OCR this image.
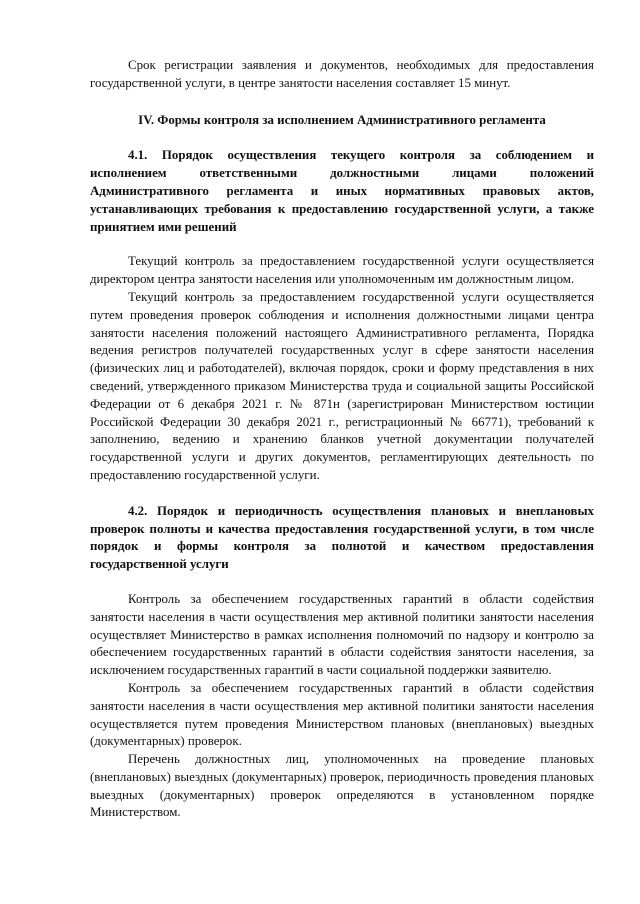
Срок регистрации заявления и документов, необходимых для предоставления государственной услуги, в центре занятости населения составляет 15 минут.

IV. Формы контроля за исполнением Административного регламента

4.1. Порядок осуществления текущего контроля за соблюдением и исполнением ответственными должностными лицами положений Административного регламента и иных нормативных правовых актов, устанавливающих требования к предоставлению государственной услуги, а также принятием ими решений

Текущий контроль за предоставлением государственной услуги осуществляется директором центра занятости населения или уполномоченным им должностным лицом.

Текущий контроль за предоставлением государственной услуги осуществляется путем проведения проверок соблюдения и исполнения должностными лицами центра занятости населения положений настоящего Административного регламента, Порядка ведения регистров получателей государственных услуг в сфере занятости населения (физических лиц и работодателей), включая порядок, сроки и форму представления в них сведений, утвержденного приказом Министерства труда и социальной защиты Российской Федерации от 6 декабря 2021 г. № 871н (зарегистрирован Министерством юстиции Российской Федерации 30 декабря 2021 г., регистрационный № 66771), требований к заполнению, ведению и хранению бланков учетной документации получателей государственной услуги и других документов, регламентирующих деятельность по предоставлению государственной услуги.

4.2. Порядок и периодичность осуществления плановых и внеплановых проверок полноты и качества предоставления государственной услуги, в том числе порядок и формы контроля за полнотой и качеством предоставления государственной услуги

Контроль за обеспечением государственных гарантий в области содействия занятости населения в части осуществления мер активной политики занятости населения осуществляет Министерство в рамках исполнения полномочий по надзору и контролю за обеспечением государственных гарантий в области содействия занятости населения, за исключением государственных гарантий в части социальной поддержки заявителю.

Контроль за обеспечением государственных гарантий в области содействия занятости населения в части осуществления мер активной политики занятости населения осуществляется путем проведения Министерством плановых (внеплановых) выездных (документарных) проверок.

Перечень должностных лиц, уполномоченных на проведение плановых (внеплановых) выездных (документарных) проверок, периодичность проведения плановых выездных (документарных) проверок определяются в установленном порядке Министерством.
